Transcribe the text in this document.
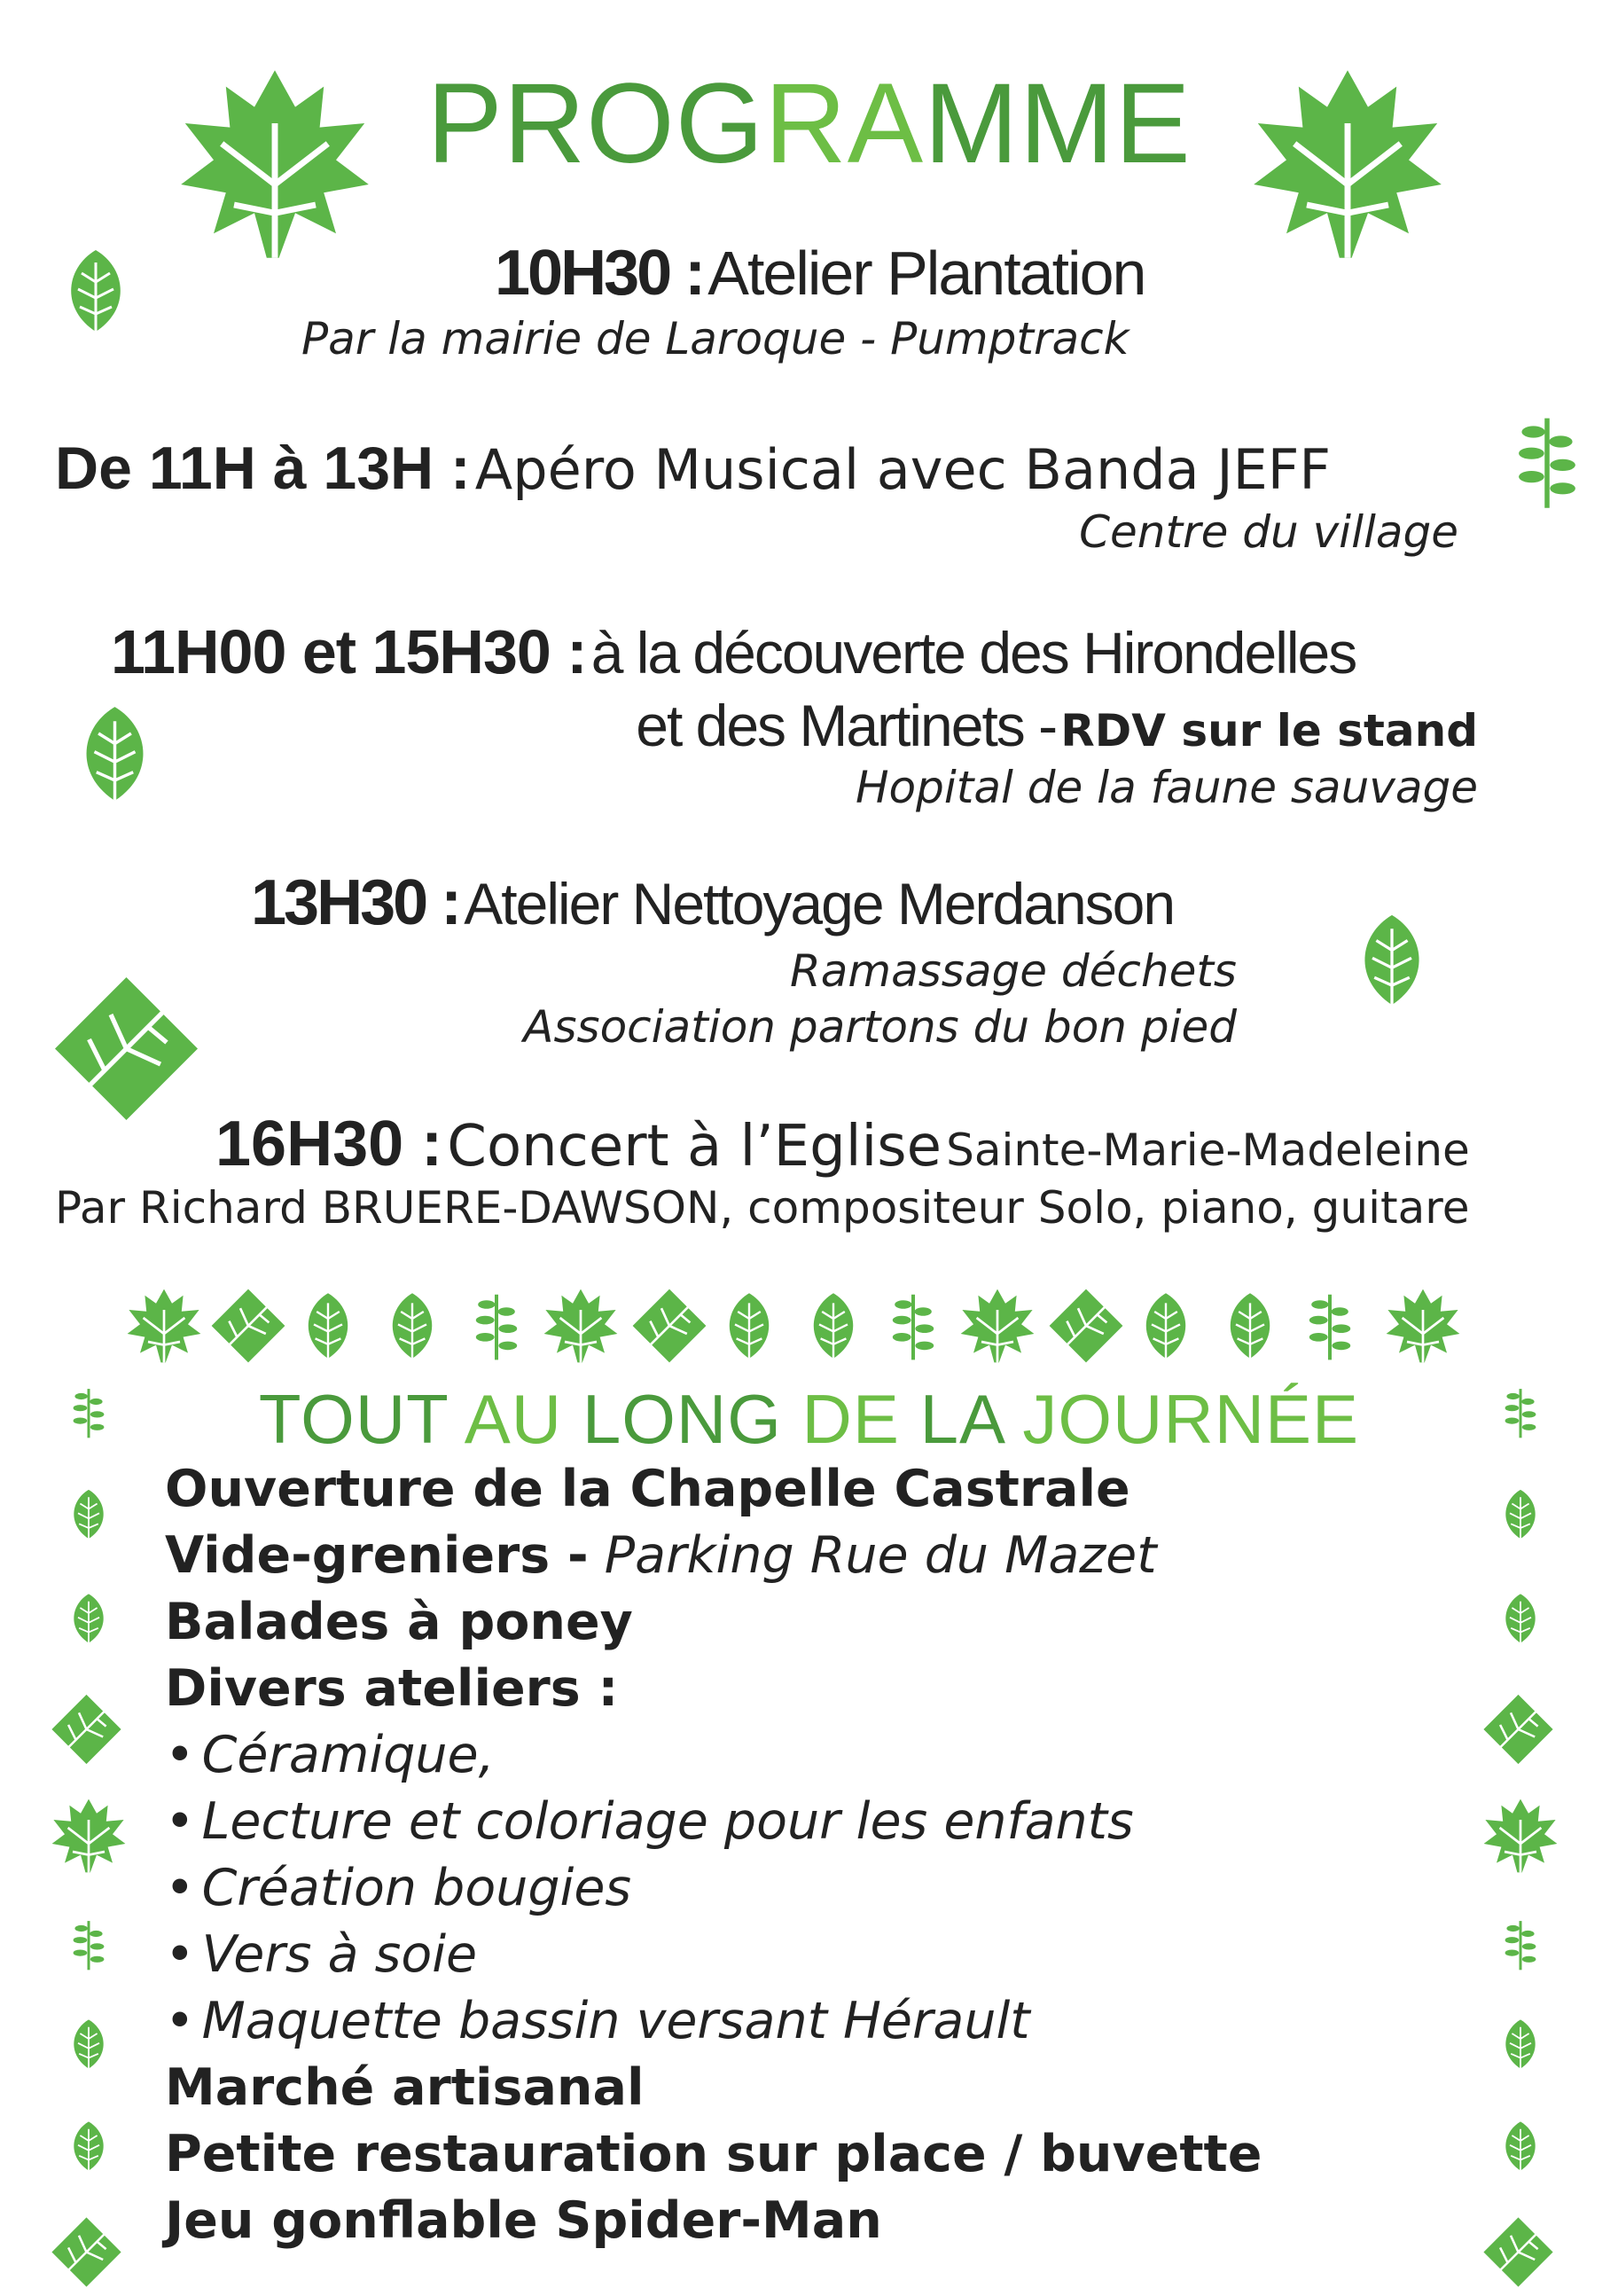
PROGRAMME
10H30 : Atelier Plantation
Par la mairie de Laroque - Pumptrack
De 11H à 13H : Apéro Musical avec Banda JEFF
Centre du village
11H00 et 15H30 : à la découverte des Hirondelles
et des Martinets - RDV sur le stand
Hopital de la faune sauvage
13H30 : Atelier Nettoyage Merdanson
Ramassage déchets
Association partons du bon pied
16H30 : Concert à l’Eglise Sainte-Marie-Madeleine
Par Richard BRUERE-DAWSON, compositeur Solo, piano, guitare
TOUT AU LONG DE LA JOURNÉE
Ouverture de la Chapelle Castrale
Vide-greniers - Parking Rue du Mazet
Balades à poney
Divers ateliers :
• Céramique,
• Lecture et coloriage pour les enfants
• Création bougies
• Vers à soie
• Maquette bassin versant Hérault
Marché artisanal
Petite restauration sur place / buvette
Jeu gonflable Spider-Man
